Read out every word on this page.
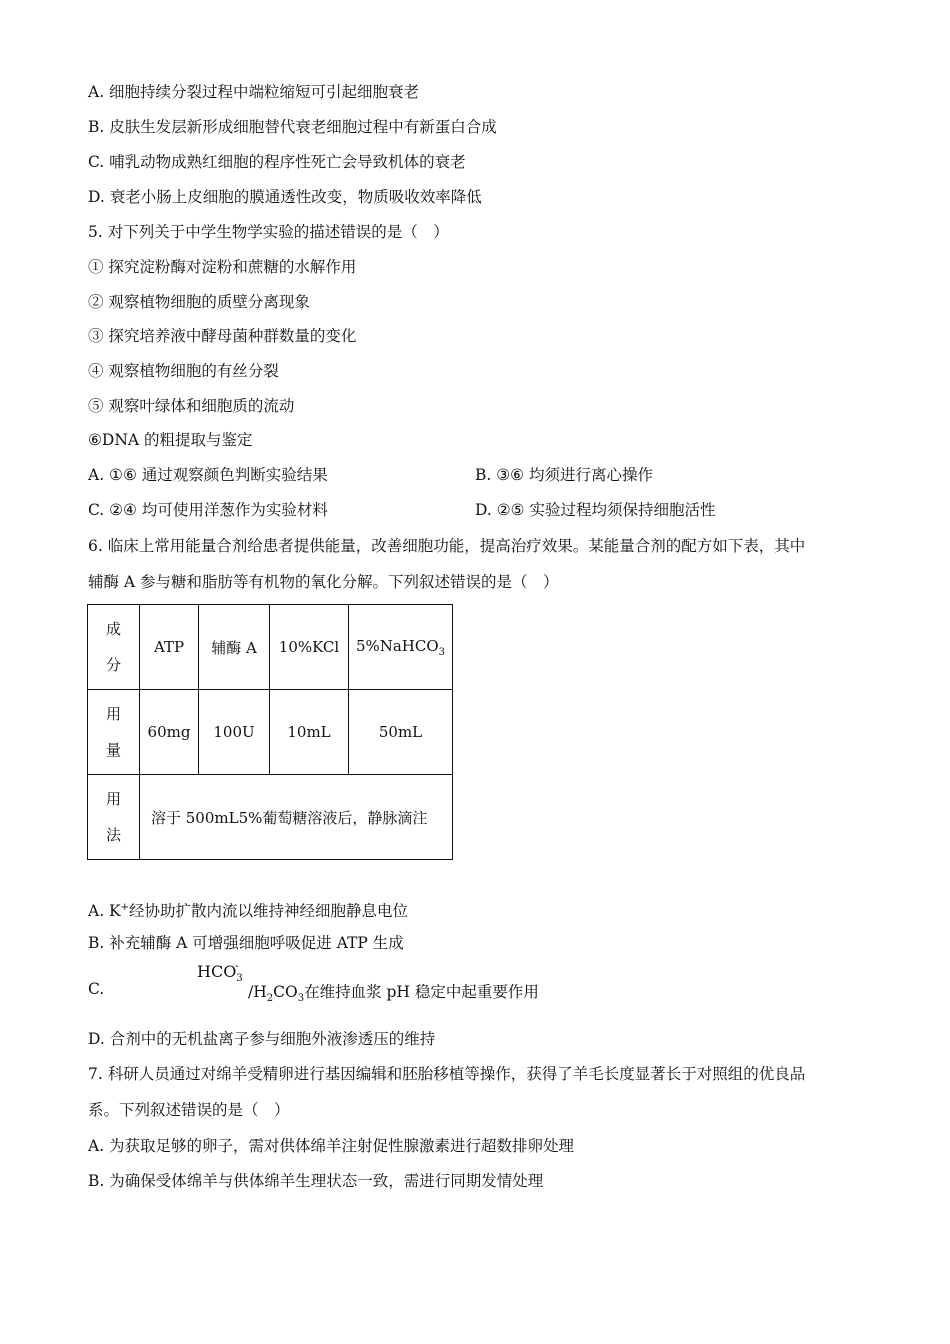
A. 细胞持续分裂过程中端粒缩短可引起细胞衰老
B. 皮肤生发层新形成细胞替代衰老细胞过程中有新蛋白合成
C. 哺乳动物成熟红细胞的程序性死亡会导致机体的衰老
D. 衰老小肠上皮细胞的膜通透性改变，物质吸收效率降低
5. 对下列关于中学生物学实验的描述错误的是（　）
① 探究淀粉酶对淀粉和蔗糖的水解作用
② 观察植物细胞的质壁分离现象
③ 探究培养液中酵母菌种群数量的变化
④ 观察植物细胞的有丝分裂
⑤ 观察叶绿体和细胞质的流动
⑥DNA 的粗提取与鉴定
A. ①⑥ 通过观察颜色判断实验结果	B. ③⑥ 均须进行离心操作
C. ②④ 均可使用洋葱作为实验材料	D. ②⑤ 实验过程均须保持细胞活性
6. 临床上常用能量合剂给患者提供能量，改善细胞功能，提高治疗效果。某能量合剂的配方如下表，其中
辅酶 A 参与糖和脂肪等有机物的氧化分解。下列叙述错误的是（　）
成
分	ATP	辅酶 A	10%KCl	5%NaHCO$_3$

用
量	60mg	100U	10mL	50mL

用
法	溶于 500mL5%葡萄糖溶液后，静脉滴注			
A. K+经协助扩散内流以维持神经细胞静息电位
B. 补充辅酶 A 可增强细胞呼吸促进 ATP 生成
C.
HCO
-
$_3$
$/H_2CO_3$在维持血浆 pH 稳定中起重要作用
D. 合剂中的无机盐离子参与细胞外液渗透压的维持
7. 科研人员通过对绵羊受精卵进行基因编辑和胚胎移植等操作，获得了羊毛长度显著长于对照组的优良品
系。下列叙述错误的是（　）
A. 为获取足够的卵子，需对供体绵羊注射促性腺激素进行超数排卵处理
B. 为确保受体绵羊与供体绵羊生理状态一致，需进行同期发情处理
